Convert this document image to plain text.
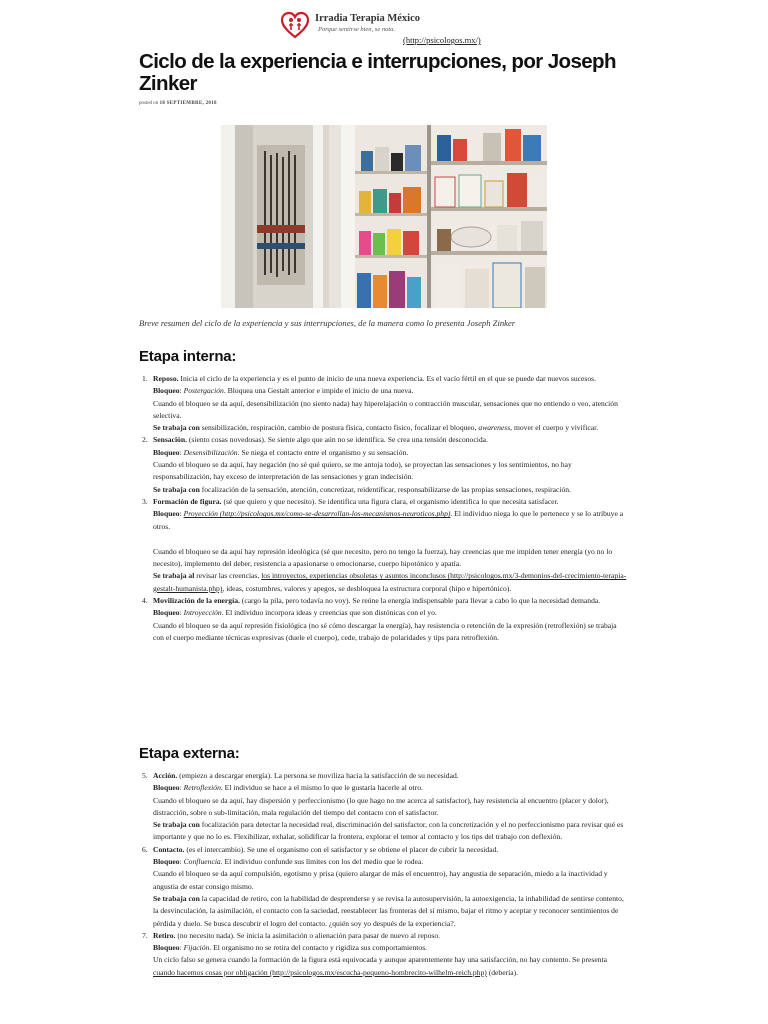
Irradia Terapia México
Porque sentirse bien, se nota.
(http://psicologos.mx/)
Ciclo de la experiencia e interrupciones, por Joseph Zinker
posted on 18 SEPTIEMBRE, 2018
Breve resumen del ciclo de la experiencia y sus interrupciones, de la manera como lo presenta Joseph Zinker
Etapa interna:
1. Reposo. Inicia el ciclo de la experiencia y es el punto de inicio de una nueva experiencia. Es el vacío fértil en el que se puede dar nuevos sucesos.

Bloqueo: Postergación. Bloquea una Gestalt anterior e impide el inicio de una nueva.

Cuando el bloqueo se da aquí, desensibilización (no siento nada) hay hiperelajación o contracción muscular, sensaciones que no entiendo o veo, atención selectiva.

Se trabaja con sensibilización, respiración, cambio de postura física, contacto físico, focalizar el bloqueo, awareness, mover el cuerpo y vivificar.

2. Sensación. (siento cosas novedosas). Se siente algo que aún no se identifica. Se crea una tensión desconocida.

Bloqueo: Desensibilización. Se niega el contacto entre el organismo y su sensación.

Cuando el bloqueo se da aquí, hay negación (no sé qué quiero, se me antoja todo), se proyectan las sensaciones y los sentimientos, no hay responsabilización, hay exceso de interpretación de las sensaciones y gran indecisión.

Se trabaja con focalización de la sensación, atención, concretizar, reidentificar, responsabilizarse de las propias sensaciones, respiración.

3. Formación de figura. (sé que quiero y que necesito). Se identifica una figura clara, el organismo identifica lo que necesita satisfacer.

Bloqueo: Proyección (http://psicologos.mx/como-se-desarrollan-los-mecanismos-neuroticos.php). El individuo niega lo que le pertenece y se lo atribuye a otros.

Cuando el bloqueo se da aquí hay represión ideológica (sé que necesito, pero no tengo la fuerza), hay creencias que me impiden tener energía (yo no lo necesito), implemento del deber, resistencia a apasionarse o emocionarse, cuerpo hipotónico y apatía.

Se trabaja al revisar las creencias, los introyectos, experiencias obsoletas y asuntos inconclusos (http://psicologos.mx/3-demonios-del-crecimiento-terapia-gestalt-humanista.php), ideas, costumbres, valores y apegos, se desbloquea la estructura corporal (hipo e hipertónico).

4. Movilización de la energía. (cargo la pila, pero todavía no voy). Se reúne la energía indispensable para llevar a cabo lo que la necesidad demanda.

Bloqueo: Introyección. El individuo incorpora ideas y creencias que son distónicas con el yo.

Cuando el bloqueo se da aquí represión fisiológica (no sé cómo descargar la energía), hay resistencia o retención de la expresión (retroflexión) se trabaja con el cuerpo mediante técnicas expresivas (duele el cuerpo), cede, trabajo de polaridades y tips para retroflexión.

Etapa externa:
5. Acción. (empiezo a descargar energía). La persona se moviliza hacia la satisfacción de su necesidad.

Bloqueo: Retroflexión. El individuo se hace a el mismo lo que le gustaría hacerle al otro.

Cuando el bloqueo se da aquí, hay dispersión y perfeccionismo (lo que hago no me acerca al satisfactor), hay resistencia al encuentro (placer y dolor), distracción, sobre o sub-limitación, mala regulación del tiempo del contacto con el satisfactor.

Se trabaja con focalización para detectar la necesidad real, discriminación del satisfactor, con la concretización y el no perfeccionismo para revisar qué es importante y que no lo es. Flexibilizar, exhalar, solidificar la frontera, explorar el temor al contacto y los tips del trabajo con deflexión.

6. Contacto. (es el intercambio). Se une el organismo con el satisfactor y se obtiene el placer de cubrir la necesidad.

Bloqueo: Confluencia. El individuo confunde sus límites con los del medio que le rodea.

Cuando el bloqueo se da aquí compulsión, egotismo y prisa (quiero alargar de más el encuentro), hay angustia de separación, miedo a la inactividad y angustia de estar consigo mismo.

Se trabaja con la capacidad de retiro, con la habilidad de desprenderse y se revisa la autosupervisión, la autoexigencia, la inhabilidad de sentirse contento, la desvinculación, la asimilación, el contacto con la saciedad, reestablecer las fronteras del sí mismo, bajar el ritmo y aceptar y reconocer sentimientos de pérdida y duelo. Se busca descubrir el logro del contacto. ¿quién soy yo después de la experiencia?.

7. Retiro. (no necesito nada). Se inicia la asimilación o alienación para pasar de nuevo al reposo.

Bloqueo: Fijación. El organismo no se retira del contacto y rigidiza sus comportamientos.

Un ciclo falso se genera cuando la formación de la figura está equivocada y aunque aparentemente hay una satisfacción, no hay contento. Se presenta cuando hacemos cosas por obligación (http://psicologos.mx/escucha-pequeno-hombrecito-wilhelm-reich.php) (debería).
